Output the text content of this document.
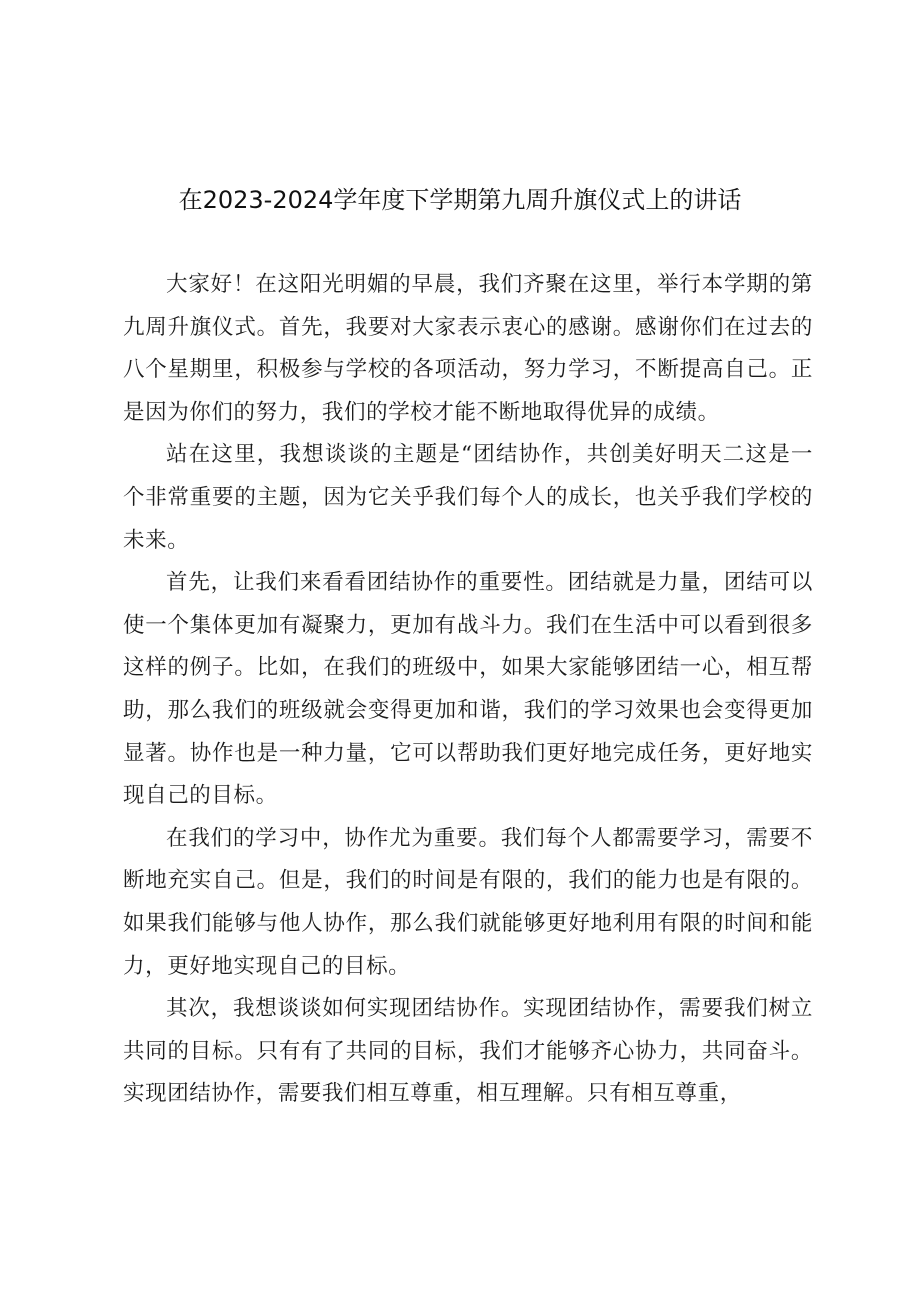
在2023-2024学年度下学期第九周升旗仪式上的讲话

大家好！在这阳光明媚的早晨，我们齐聚在这里，举行本学期的第九周升旗仪式。首先，我要对大家表示衷心的感谢。感谢你们在过去的八个星期里，积极参与学校的各项活动，努力学习，不断提高自己。正是因为你们的努力，我们的学校才能不断地取得优异的成绩。

站在这里，我想谈谈的主题是“团结协作，共创美好明天二这是一个非常重要的主题，因为它关乎我们每个人的成长，也关乎我们学校的未来。

首先，让我们来看看团结协作的重要性。团结就是力量，团结可以使一个集体更加有凝聚力，更加有战斗力。我们在生活中可以看到很多这样的例子。比如，在我们的班级中，如果大家能够团结一心，相互帮助，那么我们的班级就会变得更加和谐，我们的学习效果也会变得更加显著。协作也是一种力量，它可以帮助我们更好地完成任务，更好地实现自己的目标。

在我们的学习中，协作尤为重要。我们每个人都需要学习，需要不断地充实自己。但是，我们的时间是有限的，我们的能力也是有限的。如果我们能够与他人协作，那么我们就能够更好地利用有限的时间和能力，更好地实现自己的目标。

其次，我想谈谈如何实现团结协作。实现团结协作，需要我们树立共同的目标。只有有了共同的目标，我们才能够齐心协力，共同奋斗。实现团结协作，需要我们相互尊重，相互理解。只有相互尊重，
